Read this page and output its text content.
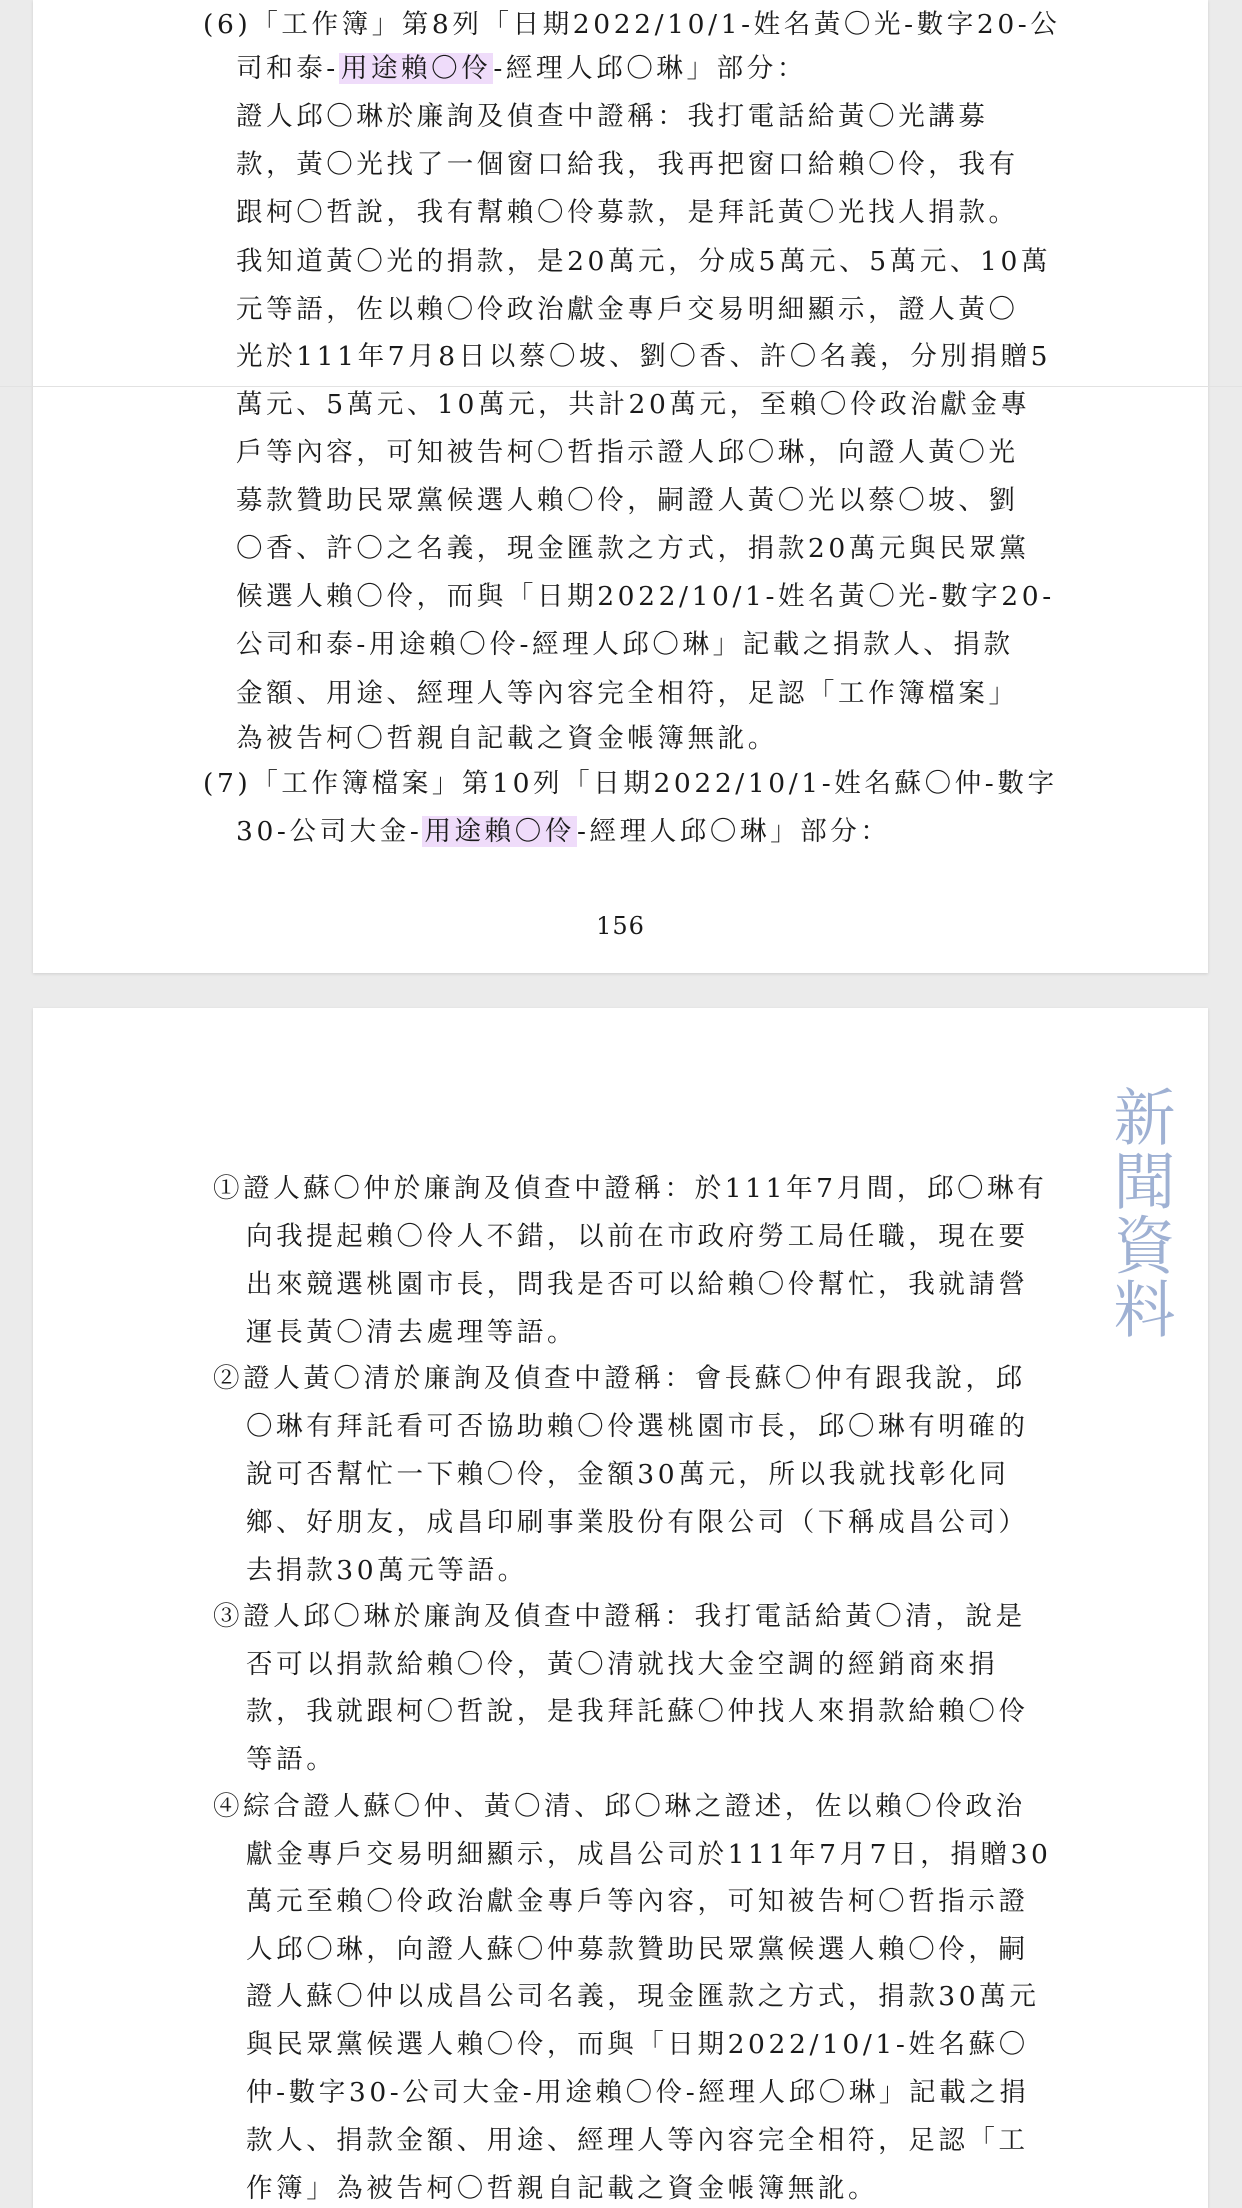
(6)「工作簿」第8列「日期2022/10/1-姓名黃〇光-數字20-公
司和泰-用途賴〇伶-經理人邱〇琳」部分：
證人邱〇琳於廉詢及偵查中證稱：我打電話給黃〇光講募
款，黃〇光找了一個窗口給我，我再把窗口給賴〇伶，我有
跟柯〇哲說，我有幫賴〇伶募款，是拜託黃〇光找人捐款。
我知道黃〇光的捐款，是20萬元，分成5萬元、5萬元、10萬
元等語，佐以賴〇伶政治獻金專戶交易明細顯示，證人黃〇
光於111年7月8日以蔡〇坡、劉〇香、許〇名義，分別捐贈5
萬元、5萬元、10萬元，共計20萬元，至賴〇伶政治獻金專
戶等內容，可知被告柯〇哲指示證人邱〇琳，向證人黃〇光
募款贊助民眾黨候選人賴〇伶，嗣證人黃〇光以蔡〇坡、劉
〇香、許〇之名義，現金匯款之方式，捐款20萬元與民眾黨
候選人賴〇伶，而與「日期2022/10/1-姓名黃〇光-數字20-
公司和泰-用途賴〇伶-經理人邱〇琳」記載之捐款人、捐款
金額、用途、經理人等內容完全相符，足認「工作簿檔案」
為被告柯〇哲親自記載之資金帳簿無訛。
(7)「工作簿檔案」第10列「日期2022/10/1-姓名蘇〇仲-數字
30-公司大金-用途賴〇伶-經理人邱〇琳」部分：
156
①證人蘇〇仲於廉詢及偵查中證稱：於111年7月間，邱〇琳有
向我提起賴〇伶人不錯，以前在市政府勞工局任職，現在要
出來競選桃園市長，問我是否可以給賴〇伶幫忙，我就請營
運長黃〇清去處理等語。
②證人黃〇清於廉詢及偵查中證稱：會長蘇〇仲有跟我說，邱
〇琳有拜託看可否協助賴〇伶選桃園市長，邱〇琳有明確的
說可否幫忙一下賴〇伶，金額30萬元，所以我就找彰化同
鄉、好朋友，成昌印刷事業股份有限公司（下稱成昌公司）
去捐款30萬元等語。
③證人邱〇琳於廉詢及偵查中證稱：我打電話給黃〇清，說是
否可以捐款給賴〇伶，黃〇清就找大金空調的經銷商來捐
款，我就跟柯〇哲說，是我拜託蘇〇仲找人來捐款給賴〇伶
等語。
④綜合證人蘇〇仲、黃〇清、邱〇琳之證述，佐以賴〇伶政治
獻金專戶交易明細顯示，成昌公司於111年7月7日，捐贈30
萬元至賴〇伶政治獻金專戶等內容，可知被告柯〇哲指示證
人邱〇琳，向證人蘇〇仲募款贊助民眾黨候選人賴〇伶，嗣
證人蘇〇仲以成昌公司名義，現金匯款之方式，捐款30萬元
與民眾黨候選人賴〇伶，而與「日期2022/10/1-姓名蘇〇
仲-數字30-公司大金-用途賴〇伶-經理人邱〇琳」記載之捐
款人、捐款金額、用途、經理人等內容完全相符，足認「工
作簿」為被告柯〇哲親自記載之資金帳簿無訛。
新聞資料
